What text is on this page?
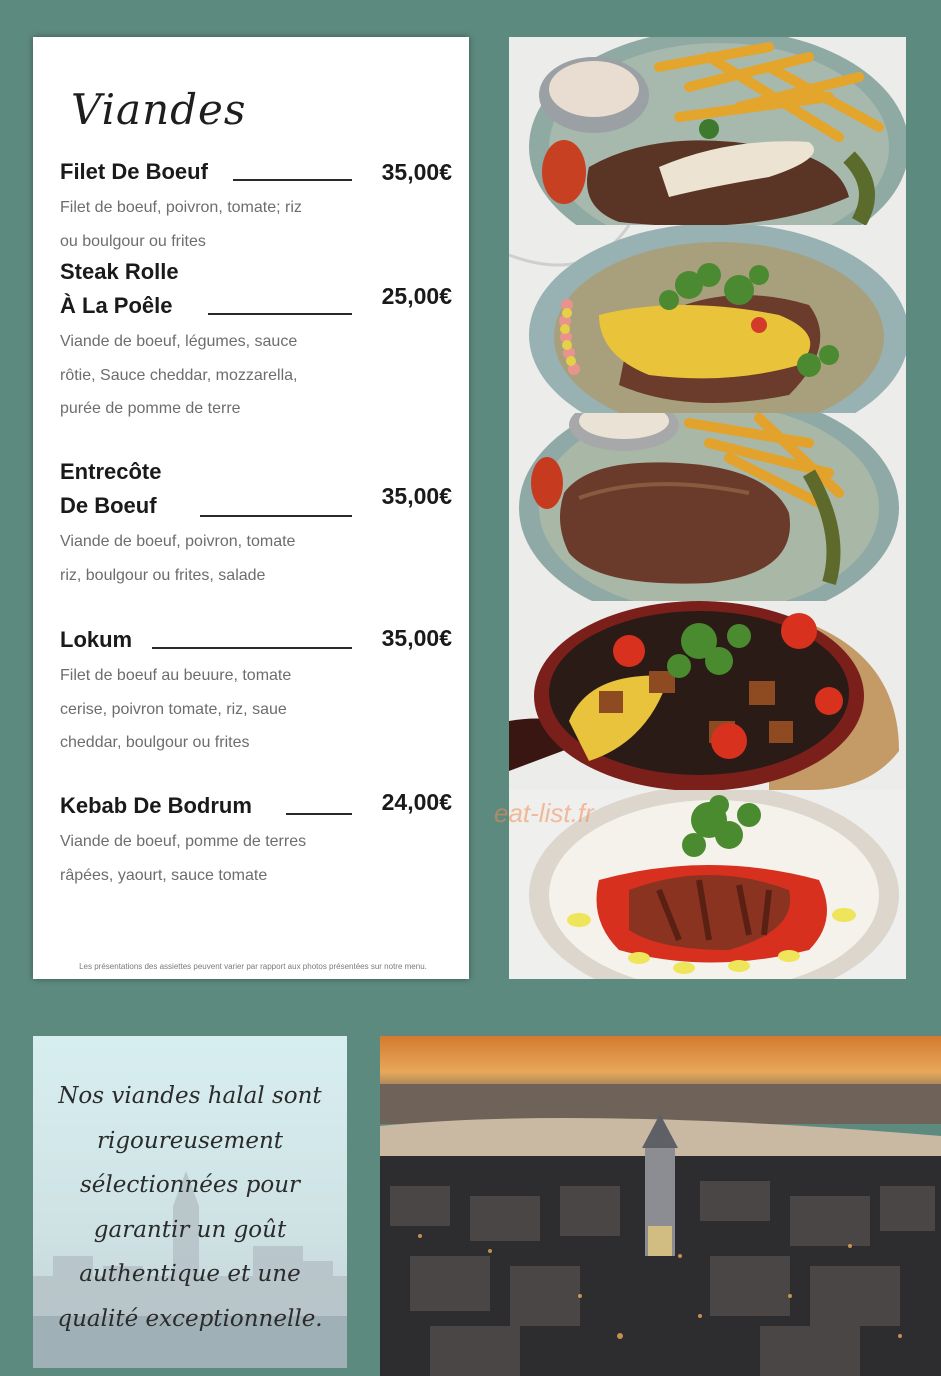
Viandes
Filet De Boeuf	35,00€
Filet de boeuf, poivron, tomate; riz
ou boulgour ou frites
Steak Rolle
À La Poêle	25,00€
Viande de boeuf, légumes, sauce
rôtie, Sauce cheddar, mozzarella,
purée de pomme de terre
Entrecôte
De Boeuf	35,00€
Viande de boeuf, poivron, tomate
riz, boulgour ou frites, salade
Lokum	35,00€
Filet de boeuf au beuure, tomate
cerise, poivron tomate, riz, saue
cheddar, boulgour ou frites
Kebab De Bodrum	24,00€
Viande de boeuf, pomme de terres
râpées, yaourt, sauce tomate
Les présentations des assiettes peuvent varier par rapport aux photos présentées sur notre menu.
eat-list.fr
Nos viandes halal sont
rigoureusement
sélectionnées pour
garantir un goût
authentique et une
qualité exceptionnelle.
